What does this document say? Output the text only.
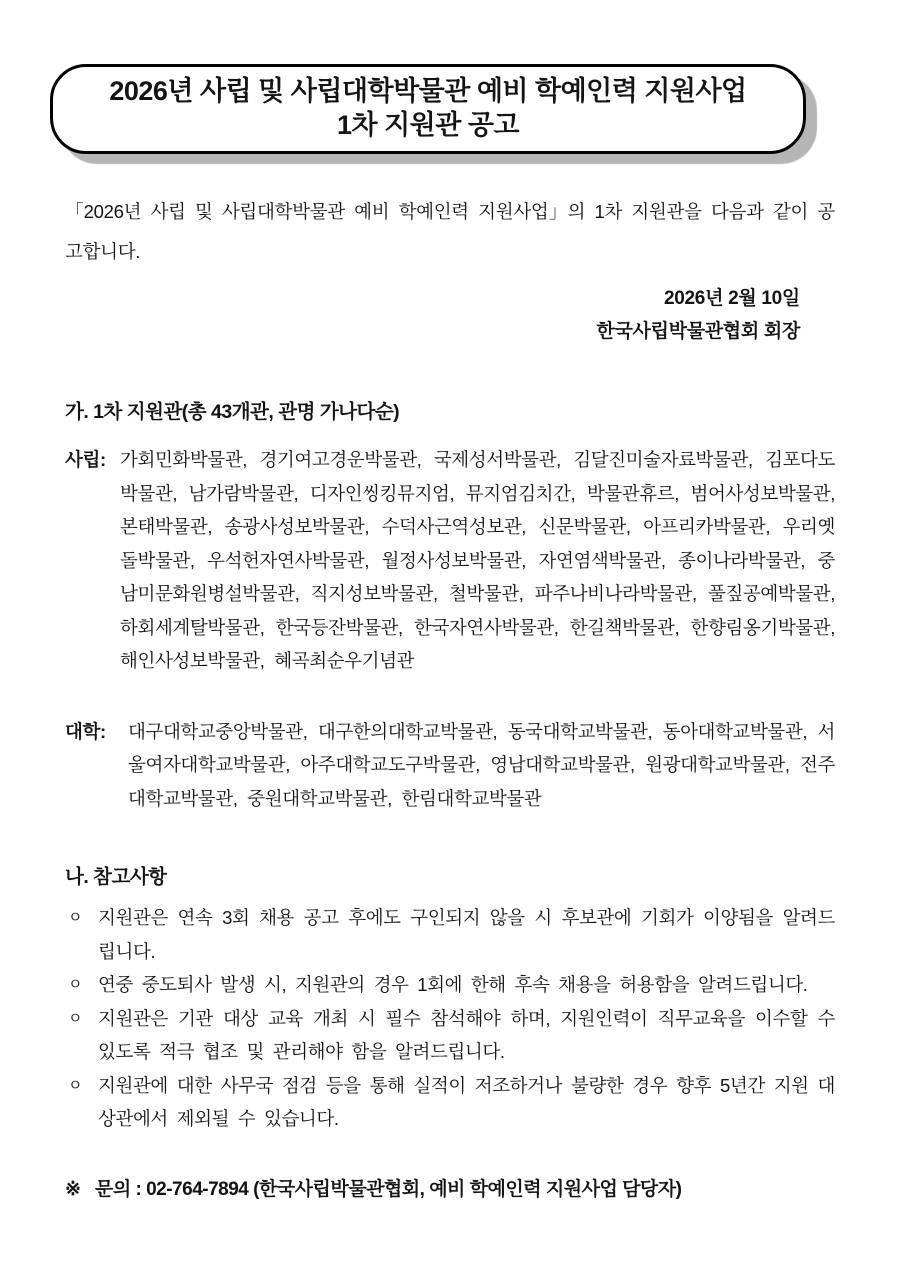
2026년 사립 및 사립대학박물관 예비 학예인력 지원사업
1차 지원관 공고

「2026년 사립 및 사립대학박물관 예비 학예인력 지원사업」의 1차 지원관을 다음과 같이 공고합니다.

2026년 2월 10일
한국사립박물관협회 회장
가. 1차 지원관(총 43개관, 관명 가나다순)
사립: 가회민화박물관, 경기여고경운박물관, 국제성서박물관, 김달진미술자료박물관, 김포다도박물관, 남가람박물관, 디자인씽킹뮤지엄, 뮤지엄김치간, 박물관휴르, 범어사성보박물관, 본태박물관, 송광사성보박물관, 수덕사근역성보관, 신문박물관, 아프리카박물관, 우리옛돌박물관, 우석헌자연사박물관, 월정사성보박물관, 자연염색박물관, 종이나라박물관, 중남미문화원병설박물관, 직지성보박물관, 철박물관, 파주나비나라박물관, 풀짚공예박물관, 하회세계탈박물관, 한국등잔박물관, 한국자연사박물관, 한길책박물관, 한향림옹기박물관, 해인사성보박물관, 혜곡최순우기념관
대학:	대구대학교중앙박물관, 대구한의대학교박물관, 동국대학교박물관, 동아대학교박물관, 서울여자대학교박물관, 아주대학교도구박물관, 영남대학교박물관, 원광대학교박물관, 전주대학교박물관, 중원대학교박물관, 한림대학교박물관
나. 참고사항
ㅇ 지원관은 연속 3회 채용 공고 후에도 구인되지 않을 시 후보관에 기회가 이양됨을 알려드립니다.
ㅇ 연중 중도퇴사 발생 시, 지원관의 경우 1회에 한해 후속 채용을 허용함을 알려드립니다.
ㅇ 지원관은 기관 대상 교육 개최 시 필수 참석해야 하며, 지원인력이 직무교육을 이수할 수 있도록 적극 협조 및 관리해야 함을 알려드립니다.
ㅇ 지원관에 대한 사무국 점검 등을 통해 실적이 저조하거나 불량한 경우 향후 5년간 지원 대상관에서 제외될 수 있습니다.

※ 문의 : 02-764-7894 (한국사립박물관협회, 예비 학예인력 지원사업 담당자)
